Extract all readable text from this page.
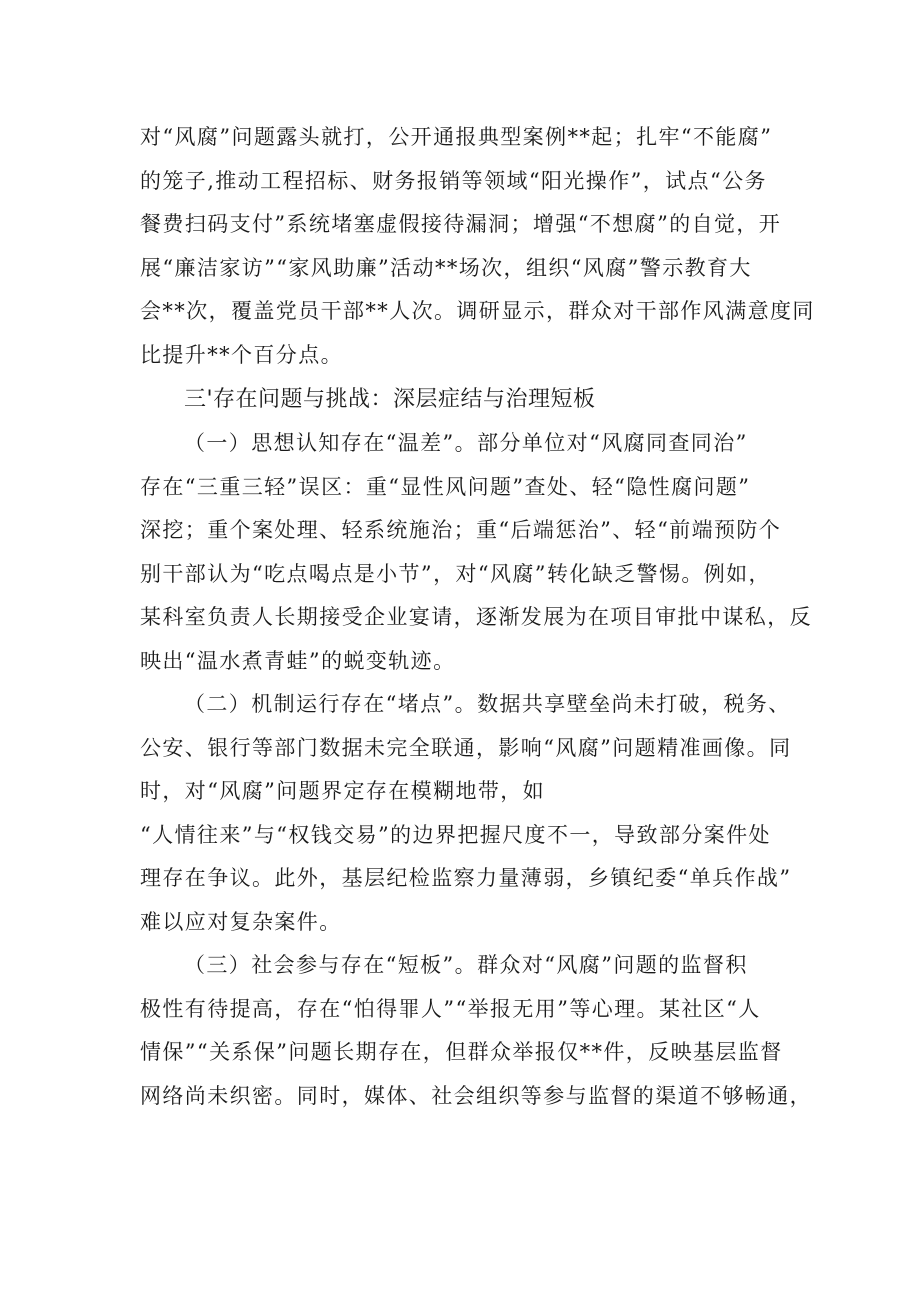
对“风腐”问题露头就打，公开通报典型案例**起；扎牢“不能腐”
的笼子,推动工程招标、财务报销等领域“阳光操作”，试点“公务
餐费扫码支付”系统堵塞虚假接待漏洞；增强“不想腐”的自觉，开
展“廉洁家访”“家风助廉”活动**场次，组织“风腐”警示教育大
会**次，覆盖党员干部**人次。调研显示，群众对干部作风满意度同
比提升**个百分点。
三'存在问题与挑战：深层症结与治理短板
（一）思想认知存在“温差”。部分单位对“风腐同查同治”
存在“三重三轻”误区：重“显性风问题”查处、轻“隐性腐问题”
深挖；重个案处理、轻系统施治；重“后端惩治”、轻“前端预防个
别干部认为“吃点喝点是小节”，对“风腐”转化缺乏警惕。例如，
某科室负责人长期接受企业宴请，逐渐发展为在项目审批中谋私，反
映出“温水煮青蛙”的蜕变轨迹。
（二）机制运行存在“堵点”。数据共享壁垒尚未打破，税务、
公安、银行等部门数据未完全联通，影响“风腐”问题精准画像。同
时，对“风腐”问题界定存在模糊地带，如
“人情往来”与“权钱交易”的边界把握尺度不一，导致部分案件处
理存在争议。此外，基层纪检监察力量薄弱，乡镇纪委“单兵作战”
难以应对复杂案件。
（三）社会参与存在“短板”。群众对“风腐”问题的监督积
极性有待提高，存在“怕得罪人”“举报无用”等心理。某社区“人
情保”“关系保”问题长期存在，但群众举报仅**件，反映基层监督
网络尚未织密。同时，媒体、社会组织等参与监督的渠道不够畅通，
